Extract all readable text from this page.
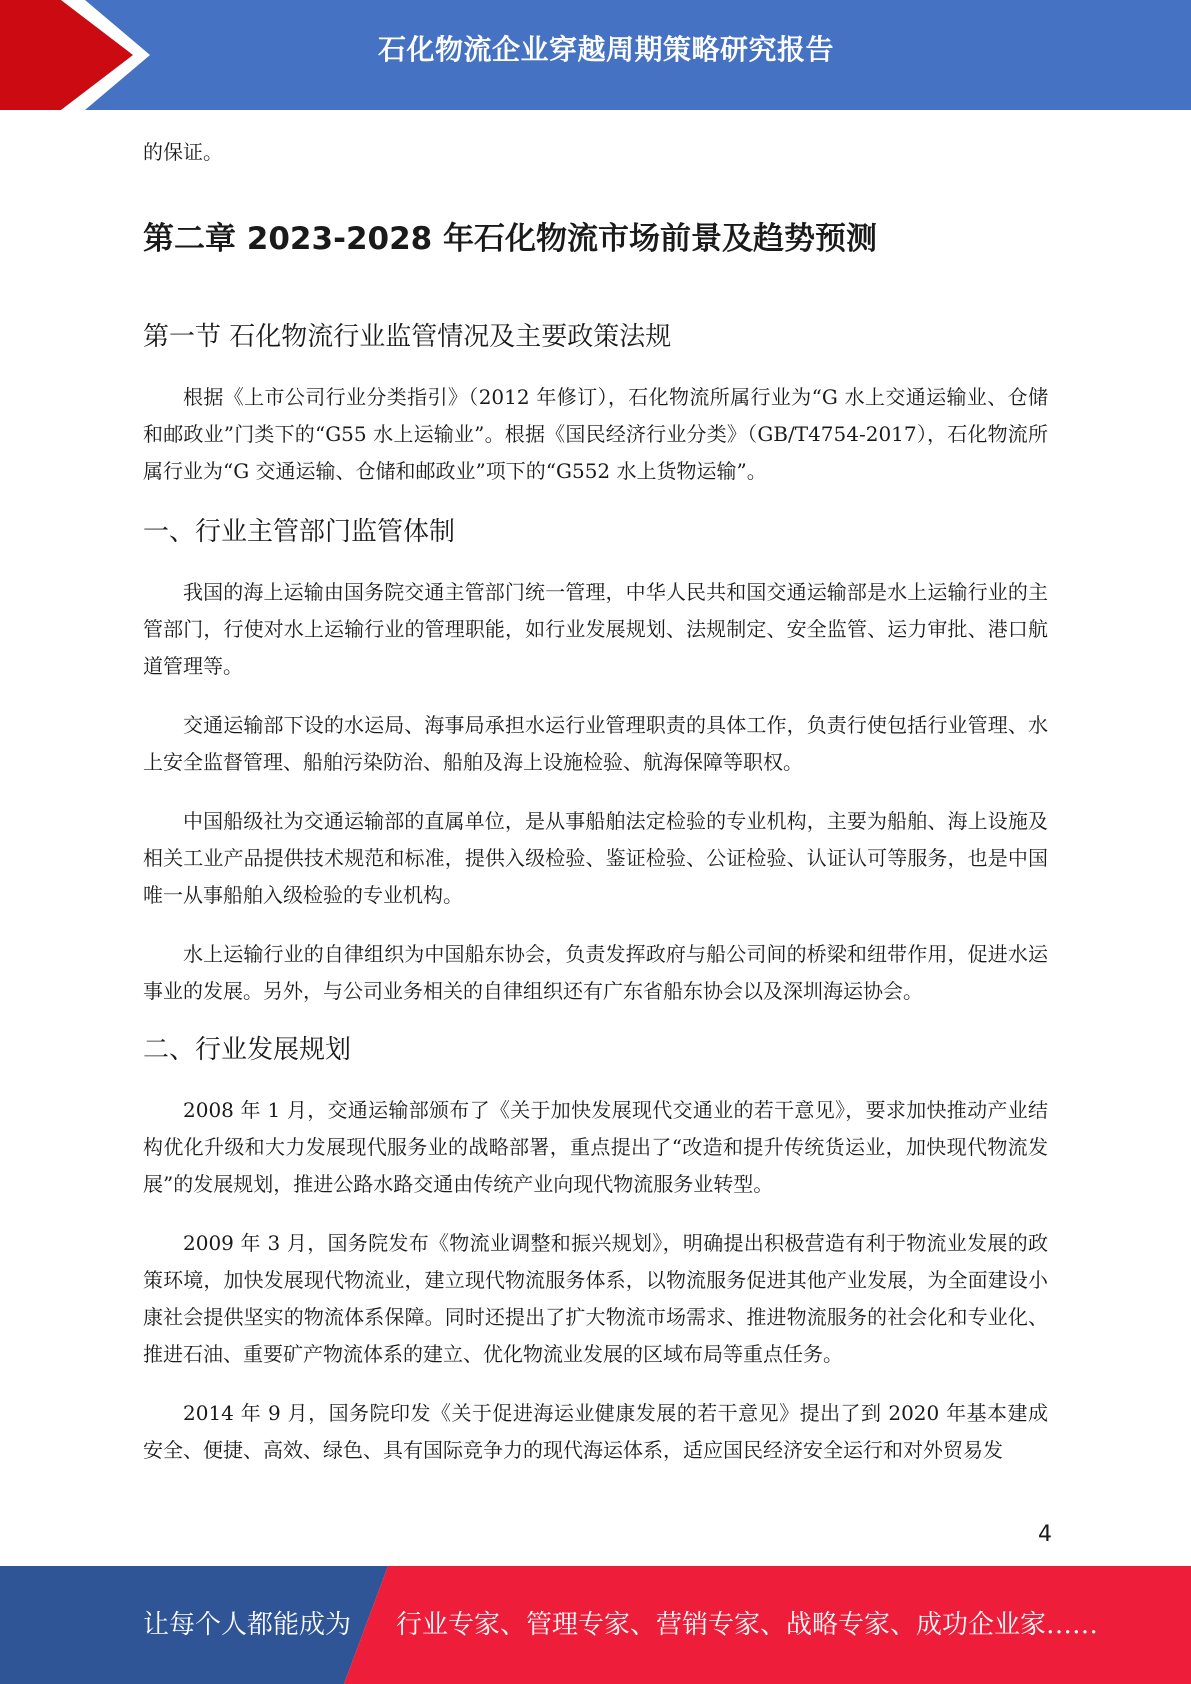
石化物流企业穿越周期策略研究报告

的保证。

第二章 2023-2028 年石化物流市场前景及趋势预测
第一节 石化物流行业监管情况及主要政策法规

根据《上市公司行业分类指引》（2012 年修订），石化物流所属行业为“G 水上交通运输业、仓储和邮政业”门类下的“G55 水上运输业”。根据《国民经济行业分类》（GB/T4754-2017），石化物流所属行业为“G 交通运输、仓储和邮政业”项下的“G552 水上货物运输”。

一、行业主管部门监管体制

我国的海上运输由国务院交通主管部门统一管理，中华人民共和国交通运输部是水上运输行业的主管部门，行使对水上运输行业的管理职能，如行业发展规划、法规制定、安全监管、运力审批、港口航道管理等。

交通运输部下设的水运局、海事局承担水运行业管理职责的具体工作，负责行使包括行业管理、水上安全监督管理、船舶污染防治、船舶及海上设施检验、航海保障等职权。

中国船级社为交通运输部的直属单位，是从事船舶法定检验的专业机构，主要为船舶、海上设施及相关工业产品提供技术规范和标准，提供入级检验、鉴证检验、公证检验、认证认可等服务，也是中国唯一从事船舶入级检验的专业机构。

水上运输行业的自律组织为中国船东协会，负责发挥政府与船公司间的桥梁和纽带作用，促进水运事业的发展。另外，与公司业务相关的自律组织还有广东省船东协会以及深圳海运协会。

二、行业发展规划

2008 年 1 月，交通运输部颁布了《关于加快发展现代交通业的若干意见》，要求加快推动产业结构优化升级和大力发展现代服务业的战略部署，重点提出了“改造和提升传统货运业，加快现代物流发展”的发展规划，推进公路水路交通由传统产业向现代物流服务业转型。

2009 年 3 月，国务院发布《物流业调整和振兴规划》，明确提出积极营造有利于物流业发展的政策环境，加快发展现代物流业，建立现代物流服务体系，以物流服务促进其他产业发展，为全面建设小康社会提供坚实的物流体系保障。同时还提出了扩大物流市场需求、推进物流服务的社会化和专业化、推进石油、重要矿产物流体系的建立、优化物流业发展的区域布局等重点任务。

2014 年 9 月，国务院印发《关于促进海运业健康发展的若干意见》提出了到 2020 年基本建成安全、便捷、高效、绿色、具有国际竞争力的现代海运体系，适应国民经济安全运行和对外贸易发

4
让每个人都能成为 行业专家、管理专家、营销专家、战略专家、成功企业家……
